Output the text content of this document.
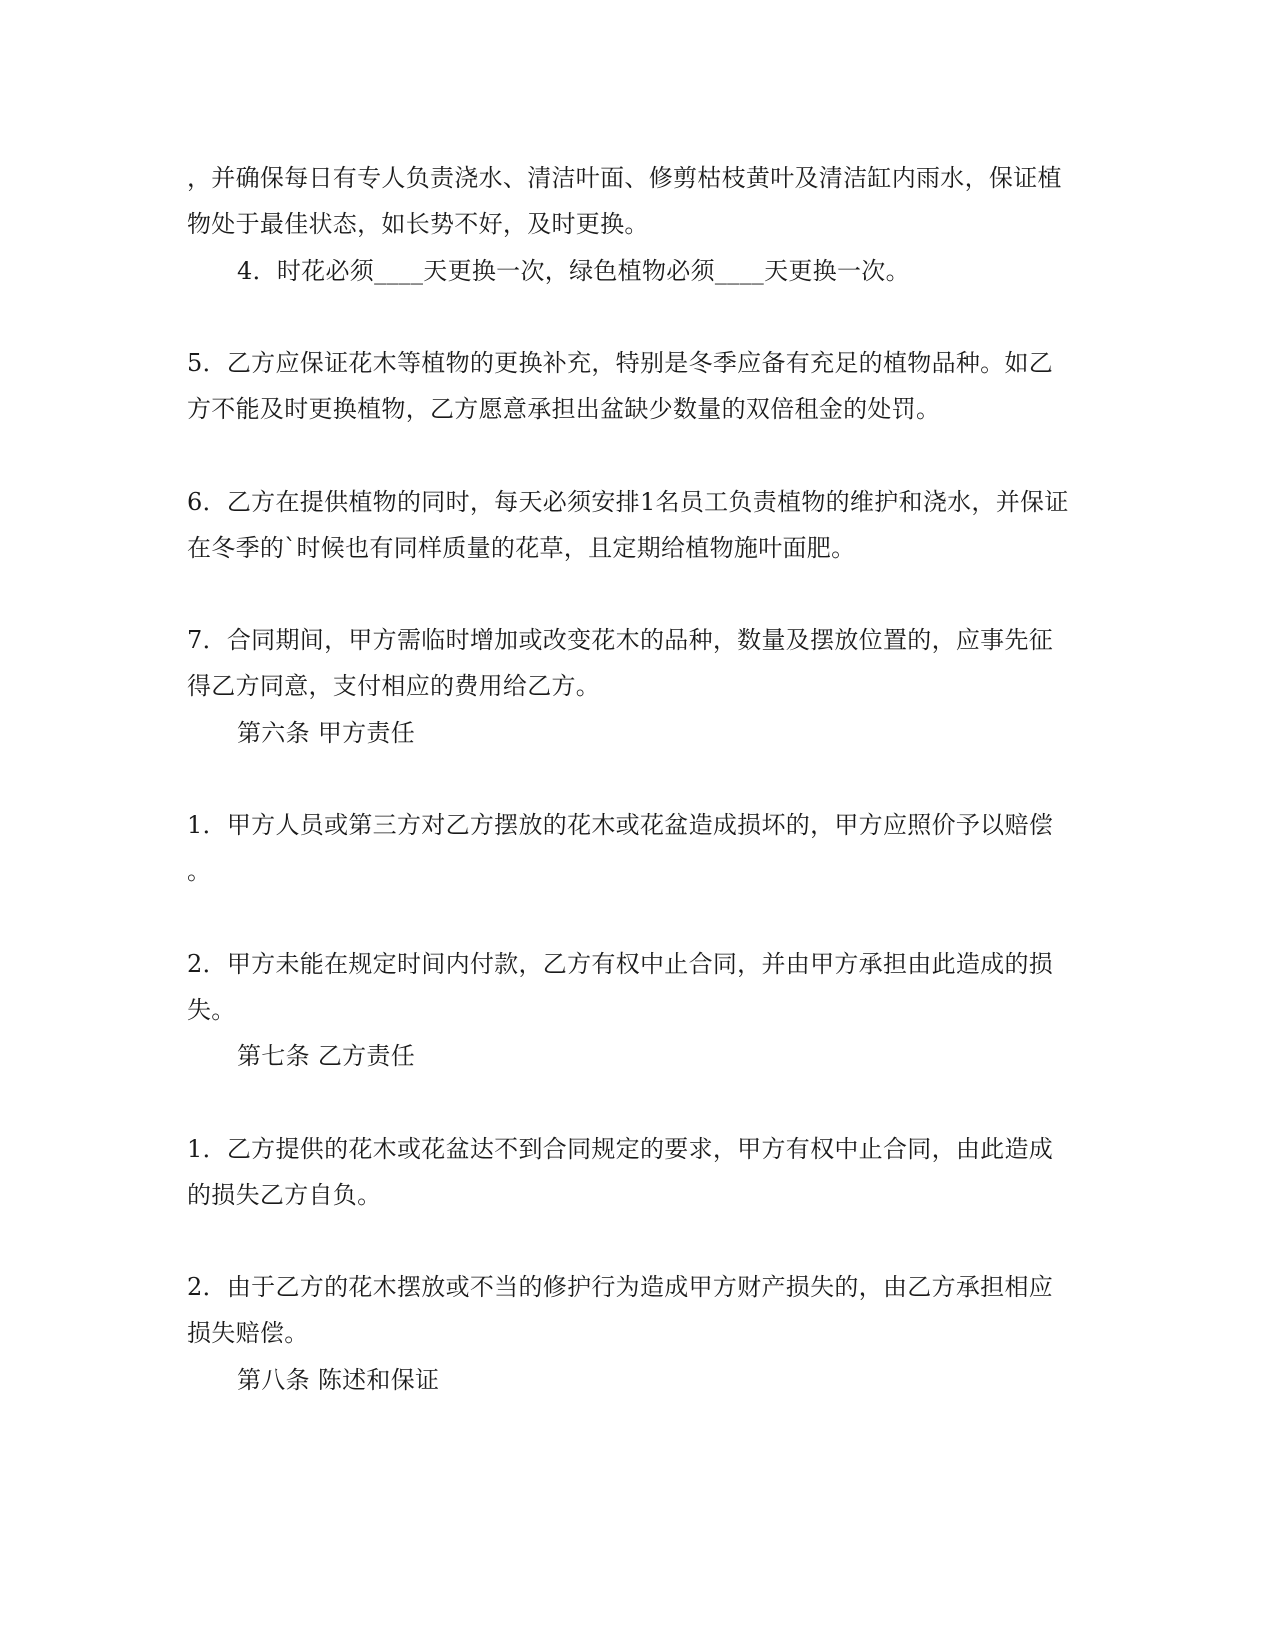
，并确保每日有专人负责浇水、清洁叶面、修剪枯枝黄叶及清洁缸内雨水，保证植
物处于最佳状态，如长势不好，及时更换。
4．时花必须____天更换一次，绿色植物必须____天更换一次。
5．乙方应保证花木等植物的更换补充，特别是冬季应备有充足的植物品种。如乙
方不能及时更换植物，乙方愿意承担出盆缺少数量的双倍租金的处罚。
6．乙方在提供植物的同时，每天必须安排1名员工负责植物的维护和浇水，并保证
在冬季的`时候也有同样质量的花草，且定期给植物施叶面肥。
7．合同期间，甲方需临时增加或改变花木的品种，数量及摆放位置的，应事先征
得乙方同意，支付相应的费用给乙方。
第六条 甲方责任
1．甲方人员或第三方对乙方摆放的花木或花盆造成损坏的，甲方应照价予以赔偿
。
2．甲方未能在规定时间内付款，乙方有权中止合同，并由甲方承担由此造成的损
失。
第七条 乙方责任
1．乙方提供的花木或花盆达不到合同规定的要求，甲方有权中止合同，由此造成
的损失乙方自负。
2．由于乙方的花木摆放或不当的修护行为造成甲方财产损失的，由乙方承担相应
损失赔偿。
第八条 陈述和保证
